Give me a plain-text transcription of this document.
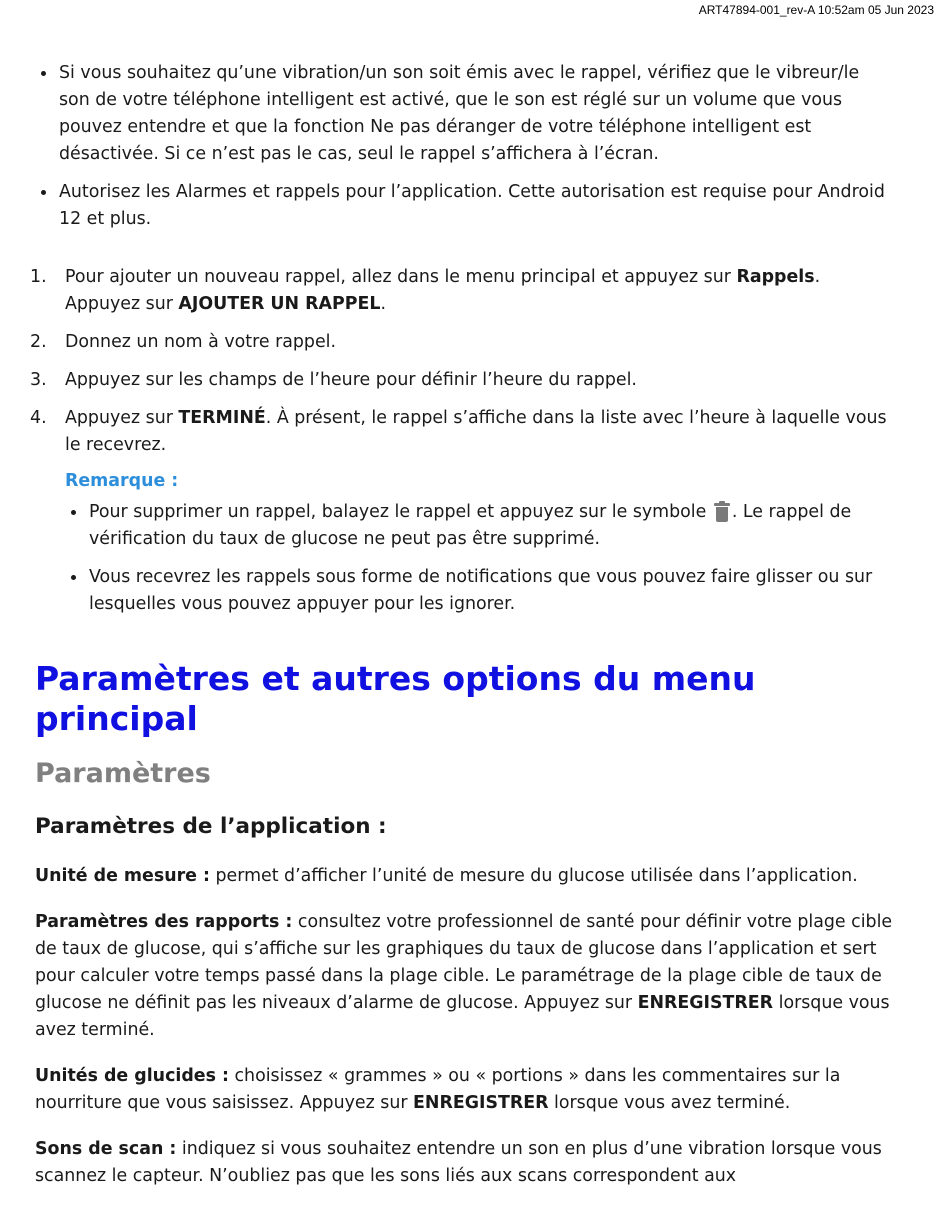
ART47894-001_rev-A 10:52am 05 Jun 2023
Si vous souhaitez qu’une vibration/un son soit émis avec le rappel, vérifiez que le vibreur/le son de votre téléphone intelligent est activé, que le son est réglé sur un volume que vous pouvez entendre et que la fonction Ne pas déranger de votre téléphone intelligent est désactivée. Si ce n’est pas le cas, seul le rappel s’affichera à l’écran.
Autorisez les Alarmes et rappels pour l’application. Cette autorisation est requise pour Android 12 et plus.
1. Pour ajouter un nouveau rappel, allez dans le menu principal et appuyez sur Rappels. Appuyez sur AJOUTER UN RAPPEL.
2. Donnez un nom à votre rappel.
3. Appuyez sur les champs de l’heure pour définir l’heure du rappel.
4. Appuyez sur TERMINÉ. À présent, le rappel s’affiche dans la liste avec l’heure à laquelle vous le recevrez.
Remarque :
Pour supprimer un rappel, balayez le rappel et appuyez sur le symbole
. Le rappel de vérification du taux de glucose ne peut pas être supprimé.
Vous recevrez les rappels sous forme de notifications que vous pouvez faire glisser ou sur lesquelles vous pouvez appuyer pour les ignorer.
Paramètres et autres options du menu principal
Paramètres
Paramètres de l’application :

Unité de mesure : permet d’afficher l’unité de mesure du glucose utilisée dans l’application.

Paramètres des rapports : consultez votre professionnel de santé pour définir votre plage cible de taux de glucose, qui s’affiche sur les graphiques du taux de glucose dans l’application et sert pour calculer votre temps passé dans la plage cible. Le paramétrage de la plage cible de taux de glucose ne définit pas les niveaux d’alarme de glucose. Appuyez sur ENREGISTRER lorsque vous avez terminé.

Unités de glucides : choisissez « grammes » ou « portions » dans les commentaires sur la nourriture que vous saisissez. Appuyez sur ENREGISTRER lorsque vous avez terminé.

Sons de scan : indiquez si vous souhaitez entendre un son en plus d’une vibration lorsque vous scannez le capteur. N’oubliez pas que les sons liés aux scans correspondent aux
